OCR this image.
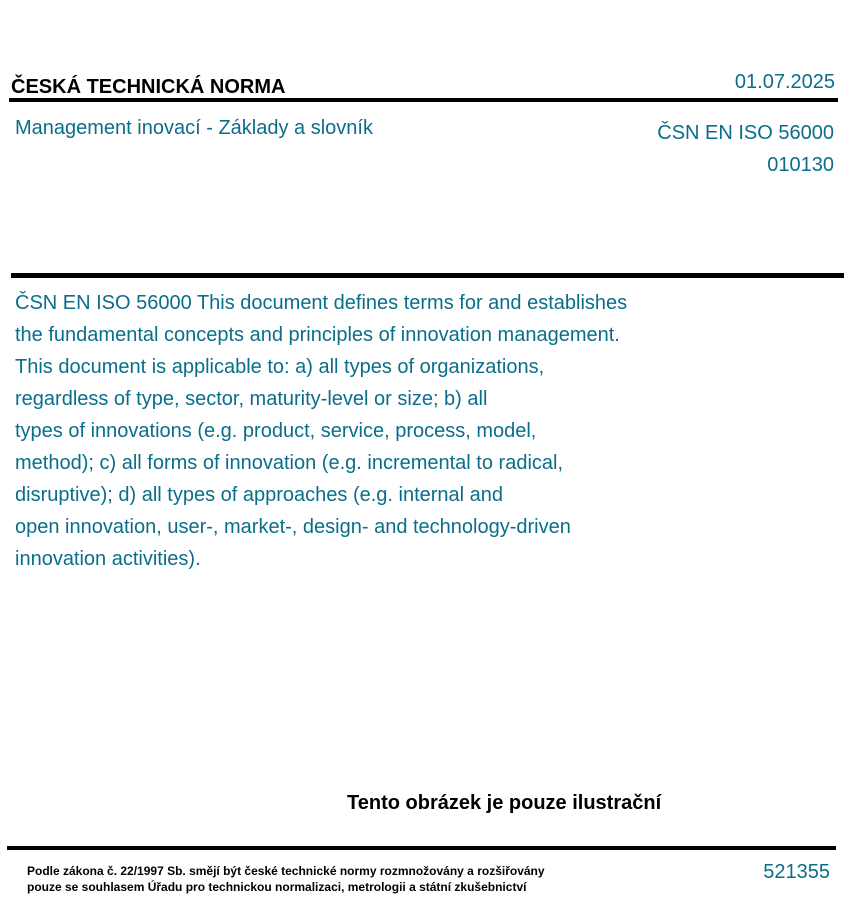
ČESKÁ TECHNICKÁ NORMA	01.07.2025
Management inovací - Základy a slovník	ČSN EN ISO 56000
010130
ČSN EN ISO 56000 This document defines terms for and establishes
the fundamental concepts and principles of innovation management.
This document is applicable to: a) all types of organizations,
regardless of type, sector, maturity-level or size; b) all
types of innovations (e.g. product, service, process, model,
method); c) all forms of innovation (e.g. incremental to radical,
disruptive); d) all types of approaches (e.g. internal and
open innovation, user-, market-, design- and technology-driven
innovation activities).
Tento obrázek je pouze ilustrační
Podle zákona č. 22/1997 Sb. smějí být české technické normy rozmnožovány a rozšiřovány
pouze se souhlasem Úřadu pro technickou normalizaci, metrologii a státní zkušebnictví
521355
